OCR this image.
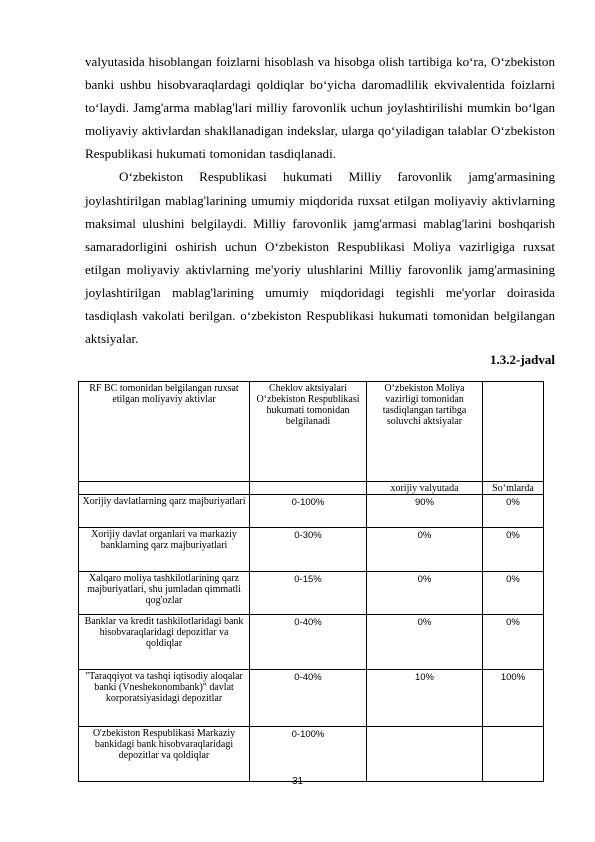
valyutasida hisoblangan foizlarni hisoblash va hisobga olish tartibiga ko‘ra, O‘zbekiston banki ushbu hisobvaraqlardagi qoldiqlar bo‘yicha daromadlilik ekvivalentida foizlarni to‘laydi. Jamg'arma mablag'lari milliy farovonlik uchun joylashtirilishi mumkin bo‘lgan moliyaviy aktivlardan shakllanadigan indekslar, ularga qo‘yiladigan talablar O‘zbekiston Respublikasi hukumati tomonidan tasdiqlanadi.

O‘zbekiston Respublikasi hukumati Milliy farovonlik jamg'armasining joylashtirilgan mablag'larining umumiy miqdorida ruxsat etilgan moliyaviy aktivlarning maksimal ulushini belgilaydi. Milliy farovonlik jamg'armasi mablag'larini boshqarish samaradorligini oshirish uchun O‘zbekiston Respublikasi Moliya vazirligiga ruxsat etilgan moliyaviy aktivlarning me'yoriy ulushlarini Milliy farovonlik jamg'armasining joylashtirilgan mablag'larining umumiy miqdoridagi tegishli me'yorlar doirasida tasdiqlash vakolati berilgan. o‘zbekiston Respublikasi hukumati tomonidan belgilangan aktsiyalar.

1.3.2-jadval

RF BC tomonidan belgilangan ruxsat etilgan moliyaviy aktivlar	Cheklov aktsiyalari O‘zbekiston Respublikasi hukumati tomonidan belgilanadi	O‘zbekiston Moliya vazirligi tomonidan tasdiqlangan tartibga soluvchi aktsiyalar	
		xorijiy valyutada	So‘mlarda
Xorijiy davlatlarning qarz majburiyatlari	0-100%	90%	0%
Xorijiy davlat organlari va markaziy banklarning qarz majburiyatlari	0-30%	0%	0%
Xalqaro moliya tashkilotlarining qarz majburiyatlari, shu jumladan qimmatli qog'ozlar	0-15%	0%	0%
Banklar va kredit tashkilotlaridagi bank hisobvaraqlaridagi depozitlar va qoldiqlar	0-40%	0%	0%
"Taraqqiyot va tashqi iqtisodiy aloqalar banki (Vneshekonombank)" davlat korporatsiyasidagi depozitlar	0-40%	10%	100%
O'zbekiston Respublikasi Markaziy bankidagi bank hisobvaraqlaridagi depozitlar va qoldiqlar	0-100%		
31
